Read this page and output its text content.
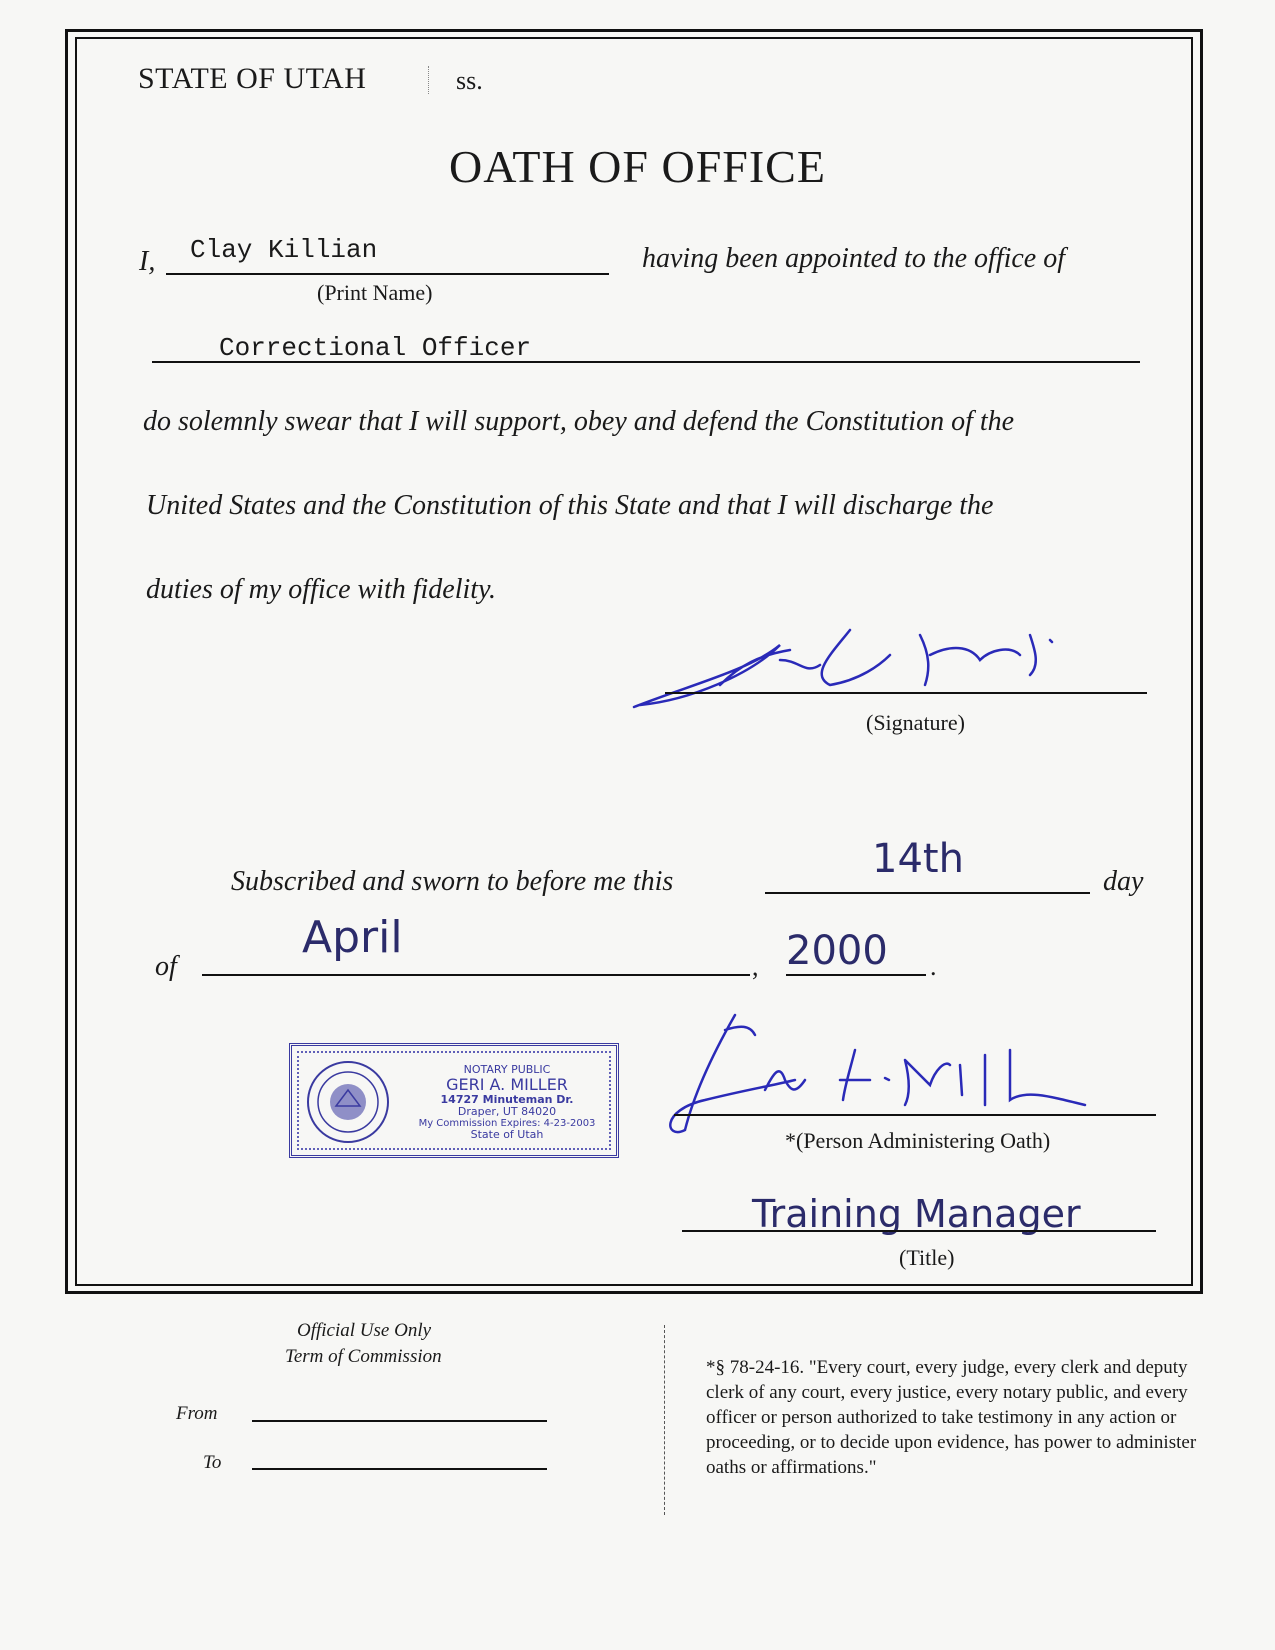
STATE OF UTAH	ss.
OATH OF OFFICE
I, Clay Killian
(Print Name)
having been appointed to the office of
Correctional Officer
do solemnly swear that I will support, obey and defend the Constitution of the
United States and the Constitution of this State and that I will discharge the
duties of my office with fidelity.
(Signature)
Subscribed and sworn to before me this	14th	day
of
April
, 2000 .
NOTARY PUBLIC
GERI A. MILLER
14727 Minuteman Dr.
Draper, UT 84020
My Commission Expires: 4-23-2003
State of Utah	*(Person Administering Oath)
Training Manager
(Title)
Official Use Only
Term of Commission
From
To
*§ 78-24-16. "Every court, every judge, every clerk and deputy clerk of any court, every justice, every notary public, and every officer or person authorized to take testimony in any action or proceeding, or to decide upon evidence, has power to administer oaths or affirmations."
